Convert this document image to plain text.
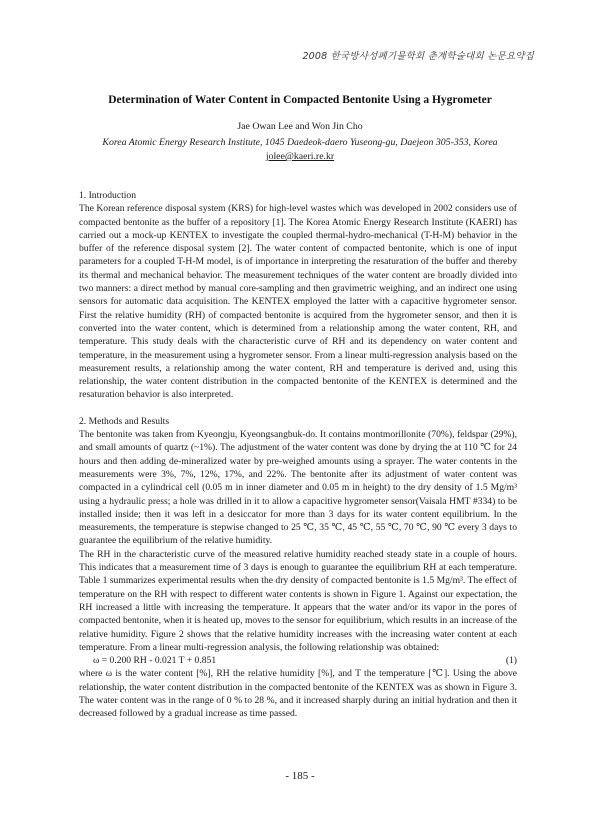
2008 한국방사성폐기물학회 춘계학술대회 논문요약집
Determination of Water Content in Compacted Bentonite Using a Hygrometer
Jae Owan Lee and Won Jin Cho
Korea Atomic Energy Research Institute, 1045 Daedeok-daero Yuseong-gu, Daejeon 305-353, Korea
jolee@kaeri.re.kr

1. Introduction

The Korean reference disposal system (KRS) for high-level wastes which was developed in 2002 considers use of compacted bentonite as the buffer of a repository [1]. The Korea Atomic Energy Research Institute (KAERI) has carried out a mock-up KENTEX to investigate the coupled thermal-hydro-mechanical (T-H-M) behavior in the buffer of the reference disposal system [2]. The water content of compacted bentonite, which is one of input parameters for a coupled T-H-M model, is of importance in interpreting the resaturation of the buffer and thereby its thermal and mechanical behavior. The measurement techniques of the water content are broadly divided into two manners: a direct method by manual core-sampling and then gravimetric weighing, and an indirect one using sensors for automatic data acquisition. The KENTEX employed the latter with a capacitive hygrometer sensor. First the relative humidity (RH) of compacted bentonite is acquired from the hygrometer sensor, and then it is converted into the water content, which is determined from a relationship among the water content, RH, and temperature. This study deals with the characteristic curve of RH and its dependency on water content and temperature, in the measurement using a hygrometer sensor. From a linear multi-regression analysis based on the measurement results, a relationship among the water content, RH and temperature is derived and, using this relationship, the water content distribution in the compacted bentonite of the KENTEX is determined and the resaturation behavior is also interpreted.

2. Methods and Results

The bentonite was taken from Kyeongju, Kyeongsangbuk-do. It contains montmorillonite (70%), feldspar (29%), and small amounts of quartz (~1%). The adjustment of the water content was done by drying the at 110 ℃ for 24 hours and then adding de-mineralized water by pre-weighed amounts using a sprayer. The water contents in the measurements were 3%, 7%, 12%, 17%, and 22%. The bentonite after its adjustment of water content was compacted in a cylindrical cell (0.05 m in inner diameter and 0.05 m in height) to the dry density of 1.5 Mg/m³ using a hydraulic press; a hole was drilled in it to allow a capacitive hygrometer sensor(Vaisala HMT #334) to be installed inside; then it was left in a desiccator for more than 3 days for its water content equilibrium. In the measurements, the temperature is stepwise changed to 25 ℃, 35 ℃, 45 ℃, 55 ℃, 70 ℃, 90 ℃ every 3 days to guarantee the equilibrium of the relative humidity.

The RH in the characteristic curve of the measured relative humidity reached steady state in a couple of hours. This indicates that a measurement time of 3 days is enough to guarantee the equilibrium RH at each temperature. Table 1 summarizes experimental results when the dry density of compacted bentonite is 1.5 Mg/m³. The effect of temperature on the RH with respect to different water contents is shown in Figure 1. Against our expectation, the RH increased a little with increasing the temperature. It appears that the water and/or its vapor in the pores of compacted bentonite, when it is heated up, moves to the sensor for equilibrium, which results in an increase of the relative humidity. Figure 2 shows that the relative humidity increases with the increasing water content at each temperature. From a linear multi-regression analysis, the following relationship was obtained:

ω = 0.200 RH - 0.021 T + 0.851	(1)

where ω is the water content [%], RH the relative humidity [%], and T the temperature [℃]. Using the above relationship, the water content distribution in the compacted bentonite of the KENTEX was as shown in Figure 3. The water content was in the range of 0 % to 28 %, and it increased sharply during an initial hydration and then it decreased followed by a gradual increase as time passed.

- 185 -
